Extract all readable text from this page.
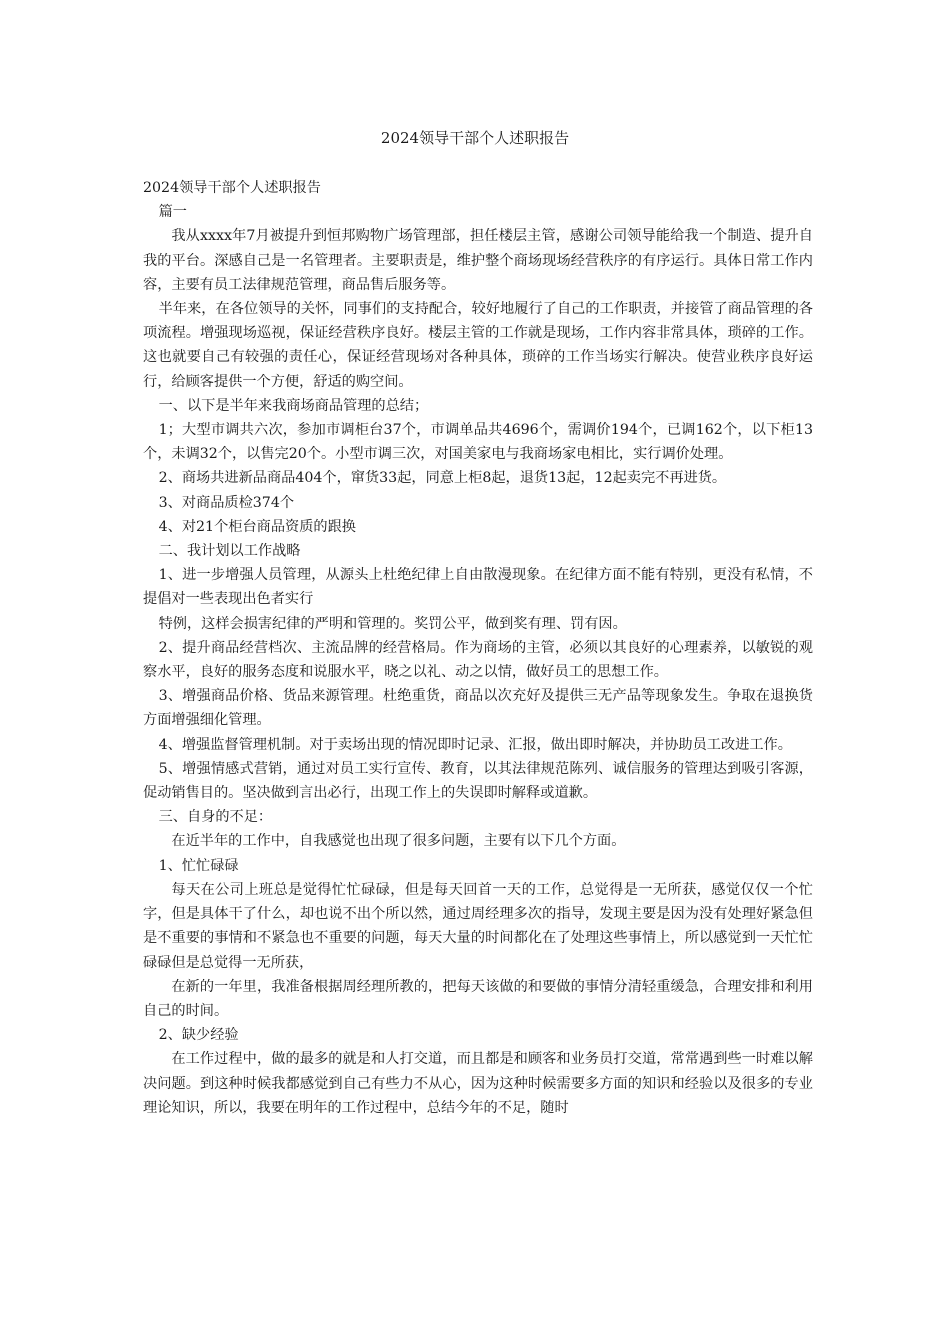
2024领导干部个人述职报告

2024领导干部个人述职报告

篇一

我从xxxx年7月被提升到恒邦购物广场管理部，担任楼层主管，感谢公司领导能给我一个制造、提升自我的平台。深感自己是一名管理者。主要职责是，维护整个商场现场经营秩序的有序运行。具体日常工作内容，主要有员工法律规范管理，商品售后服务等。

半年来，在各位领导的关怀，同事们的支持配合，较好地履行了自己的工作职责，并接管了商品管理的各项流程。增强现场巡视，保证经营秩序良好。楼层主管的工作就是现场，工作内容非常具体，琐碎的工作。这也就要自己有较强的责任心，保证经营现场对各种具体，琐碎的工作当场实行解决。使营业秩序良好运行，给顾客提供一个方便，舒适的购空间。

一、以下是半年来我商场商品管理的总结；

1；大型市调共六次，参加市调柜台37个，市调单品共4696个，需调价194个，已调162个，以下柜13个，未调32个，以售完20个。小型市调三次，对国美家电与我商场家电相比，实行调价处理。

2、商场共进新品商品404个，窜货33起，同意上柜8起，退货13起，12起卖完不再进货。

3、对商品质检374个

4、对21个柜台商品资质的跟换

二、我计划以工作战略

1、进一步增强人员管理，从源头上杜绝纪律上自由散漫现象。在纪律方面不能有特别，更没有私情，不提倡对一些表现出色者实行

特例，这样会损害纪律的严明和管理的。奖罚公平，做到奖有理、罚有因。

2、提升商品经营档次、主流品牌的经营格局。作为商场的主管，必须以其良好的心理素养，以敏锐的观察水平，良好的服务态度和说服水平，晓之以礼、动之以情，做好员工的思想工作。

3、增强商品价格、货品来源管理。杜绝重货，商品以次充好及提供三无产品等现象发生。争取在退换货方面增强细化管理。

4、增强监督管理机制。对于卖场出现的情况即时记录、汇报，做出即时解决，并协助员工改进工作。

5、增强情感式营销，通过对员工实行宣传、教育，以其法律规范陈列、诚信服务的管理达到吸引客源，促动销售目的。坚决做到言出必行，出现工作上的失误即时解释或道歉。

三、自身的不足：

在近半年的工作中，自我感觉也出现了很多问题，主要有以下几个方面。

1、忙忙碌碌

每天在公司上班总是觉得忙忙碌碌，但是每天回首一天的工作，总觉得是一无所获，感觉仅仅一个忙字，但是具体干了什么，却也说不出个所以然，通过周经理多次的指导，发现主要是因为没有处理好紧急但是不重要的事情和不紧急也不重要的问题，每天大量的时间都化在了处理这些事情上，所以感觉到一天忙忙碌碌但是总觉得一无所获，

在新的一年里，我准备根据周经理所教的，把每天该做的和要做的事情分清轻重缓急，合理安排和利用自己的时间。

2、缺少经验

在工作过程中，做的最多的就是和人打交道，而且都是和顾客和业务员打交道，常常遇到些一时难以解决问题。到这种时候我都感觉到自己有些力不从心，因为这种时候需要多方面的知识和经验以及很多的专业理论知识，所以，我要在明年的工作过程中，总结今年的不足，随时
